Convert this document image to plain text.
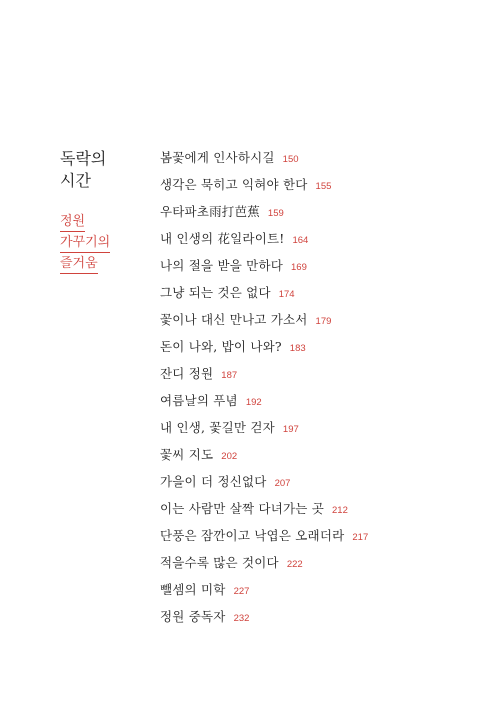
독락의
시간
정원
가꾸기의
즐거움
봄꽃에게 인사하시길 150
생각은 묵히고 익혀야 한다 155
우타파초雨打芭蕉 159
내 인생의 花일라이트! 164
나의 절을 받을 만하다 169
그냥 되는 것은 없다 174
꽃이나 대신 만나고 가소서 179
돈이 나와, 밥이 나와? 183
잔디 정원 187
여름날의 푸념 192
내 인생, 꽃길만 걷자 197
꽃씨 지도 202
가을이 더 정신없다 207
이는 사람만 살짝 다녀가는 곳 212
단풍은 잠깐이고 낙엽은 오래더라 217
적을수록 많은 것이다 222
뺄셈의 미학 227
정원 중독자 232
